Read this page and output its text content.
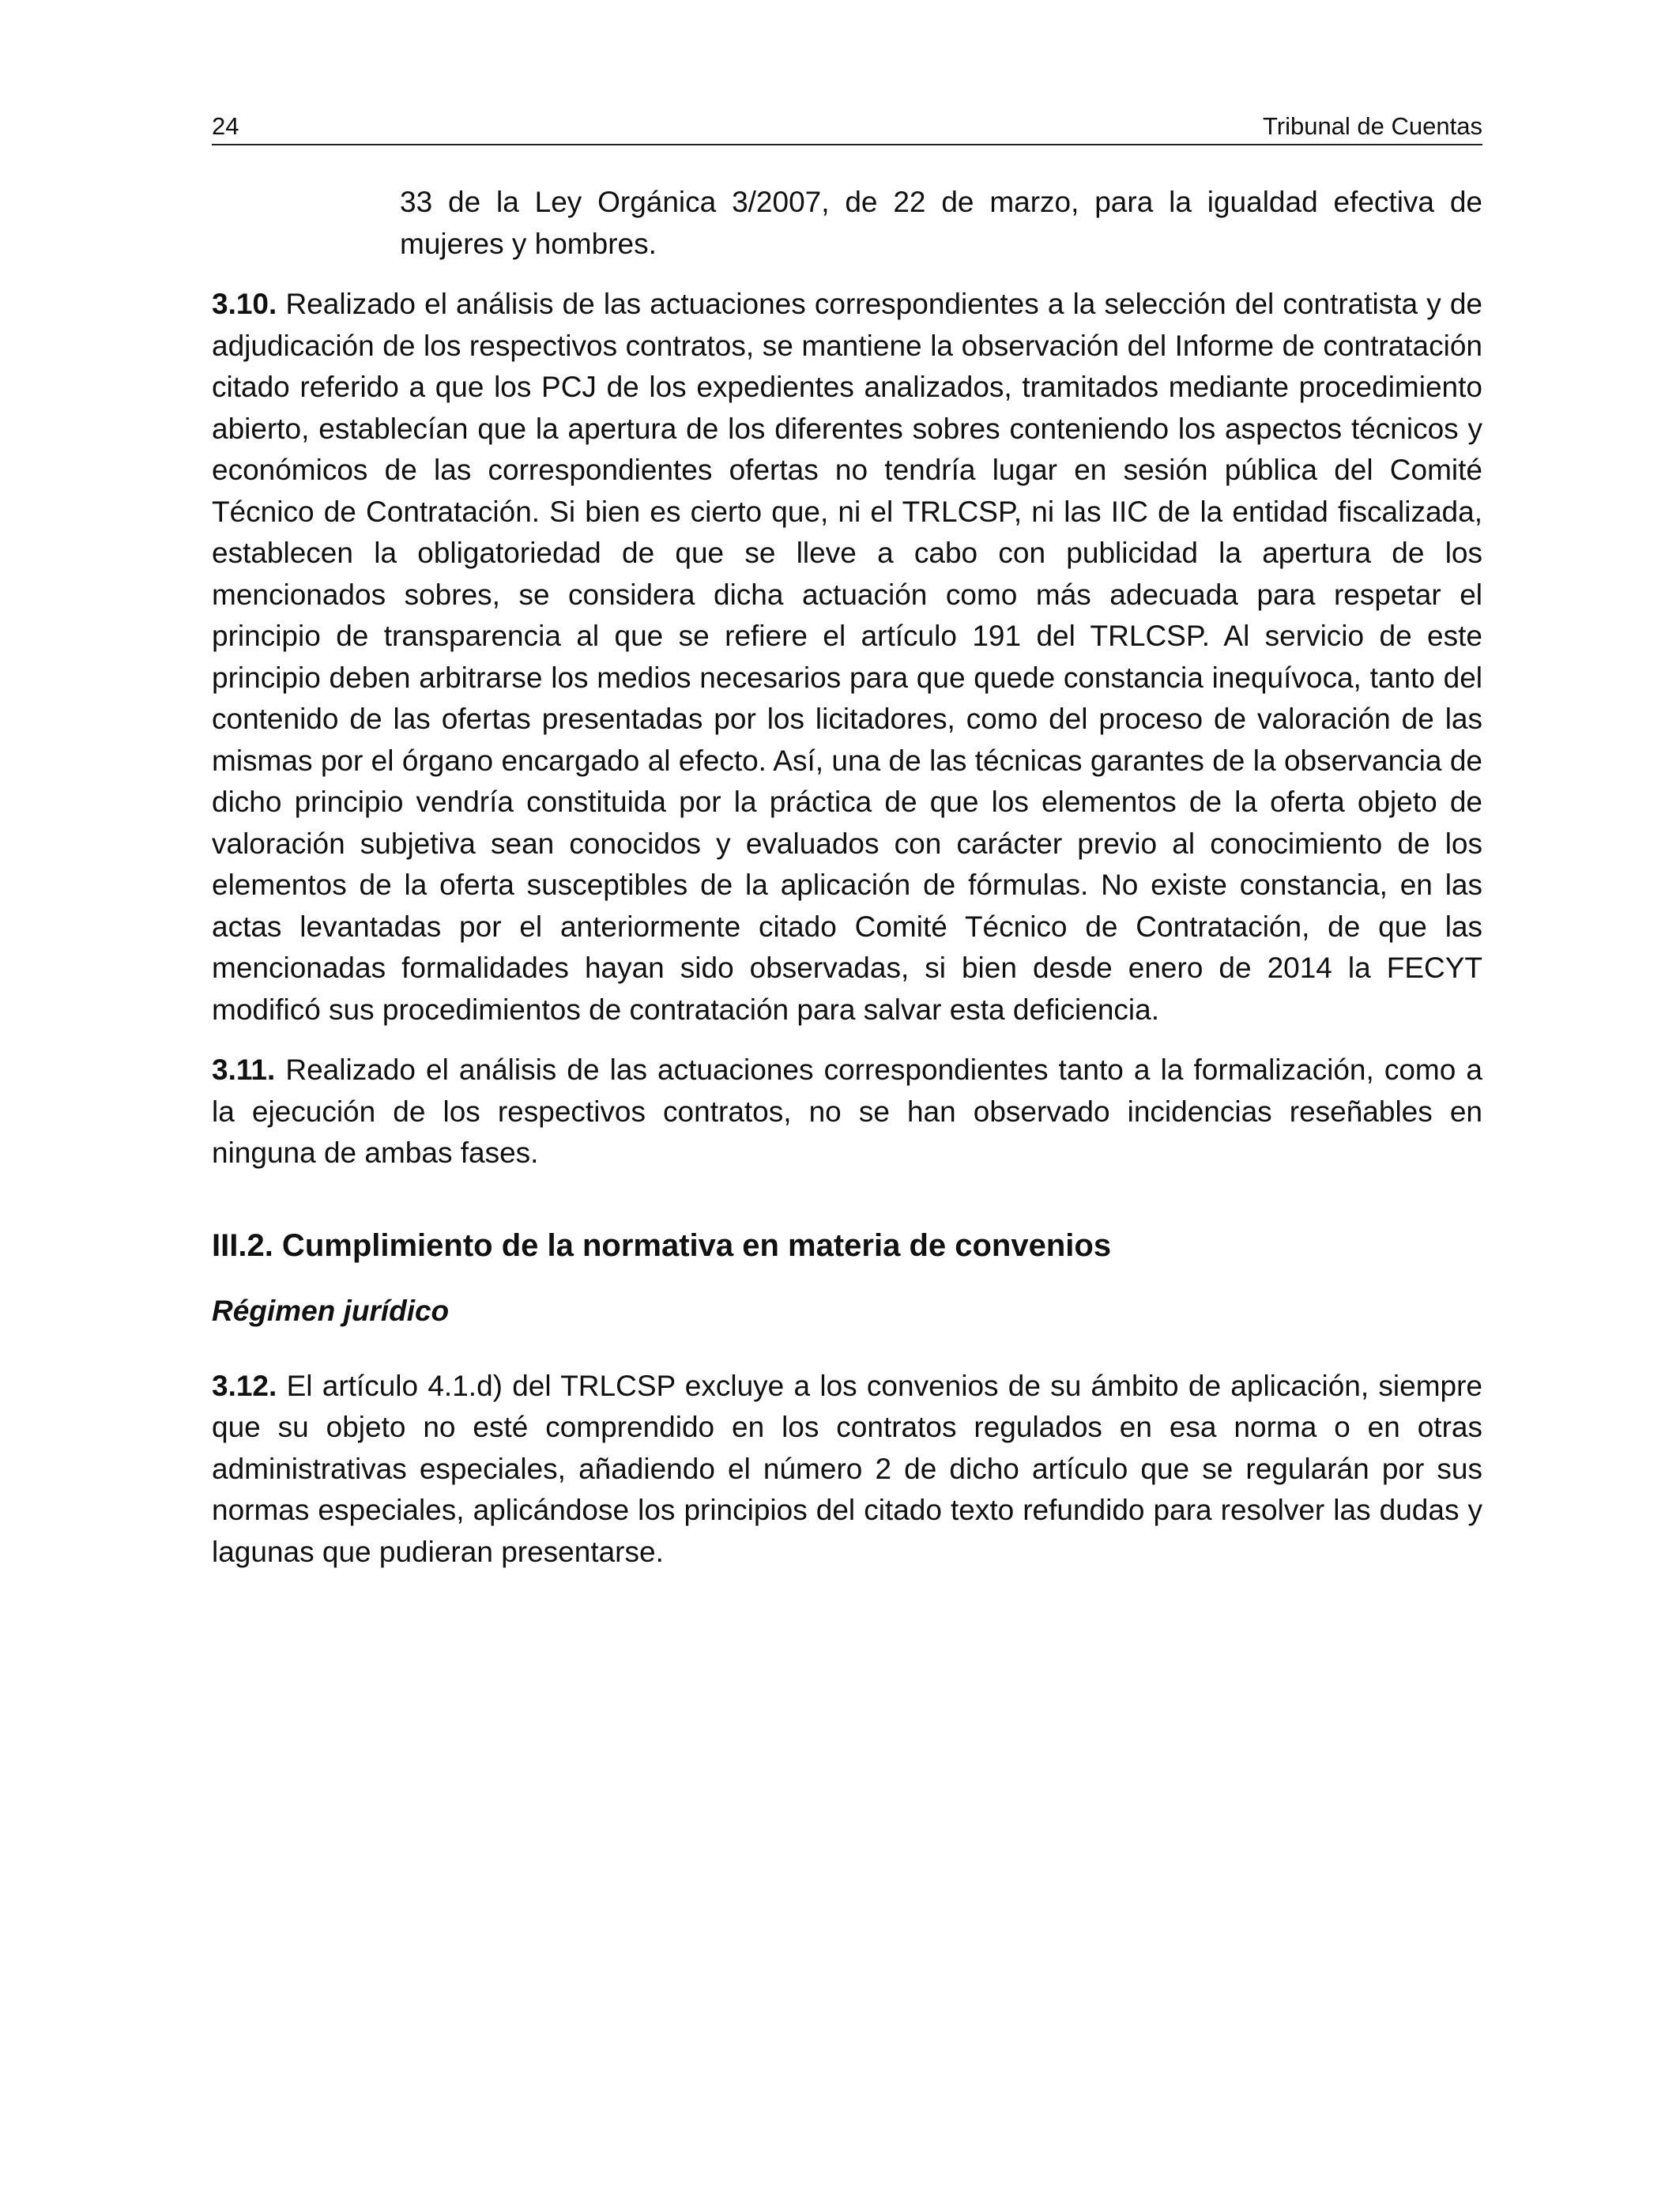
24	Tribunal de Cuentas

33 de la Ley Orgánica 3/2007, de 22 de marzo, para la igualdad efectiva de mujeres y hombres.

3.10. Realizado el análisis de las actuaciones correspondientes a la selección del contratista y de adjudicación de los respectivos contratos, se mantiene la observación del Informe de contratación citado referido a que los PCJ de los expedientes analizados, tramitados mediante procedimiento abierto, establecían que la apertura de los diferentes sobres conteniendo los aspectos técnicos y económicos de las correspondientes ofertas no tendría lugar en sesión pública del Comité Técnico de Contratación. Si bien es cierto que, ni el TRLCSP, ni las IIC de la entidad fiscalizada, establecen la obligatoriedad de que se lleve a cabo con publicidad la apertura de los mencionados sobres, se considera dicha actuación como más adecuada para respetar el principio de transparencia al que se refiere el artículo 191 del TRLCSP. Al servicio de este principio deben arbitrarse los medios necesarios para que quede constancia inequívoca, tanto del contenido de las ofertas presentadas por los licitadores, como del proceso de valoración de las mismas por el órgano encargado al efecto. Así, una de las técnicas garantes de la observancia de dicho principio vendría constituida por la práctica de que los elementos de la oferta objeto de valoración subjetiva sean conocidos y evaluados con carácter previo al conocimiento de los elementos de la oferta susceptibles de la aplicación de fórmulas. No existe constancia, en las actas levantadas por el anteriormente citado Comité Técnico de Contratación, de que las mencionadas formalidades hayan sido observadas, si bien desde enero de 2014 la FECYT modificó sus procedimientos de contratación para salvar esta deficiencia.

3.11. Realizado el análisis de las actuaciones correspondientes tanto a la formalización, como a la ejecución de los respectivos contratos, no se han observado incidencias reseñables en ninguna de ambas fases.

III.2. Cumplimiento de la normativa en materia de convenios
Régimen jurídico

3.12. El artículo 4.1.d) del TRLCSP excluye a los convenios de su ámbito de aplicación, siempre que su objeto no esté comprendido en los contratos regulados en esa norma o en otras administrativas especiales, añadiendo el número 2 de dicho artículo que se regularán por sus normas especiales, aplicándose los principios del citado texto refundido para resolver las dudas y lagunas que pudieran presentarse.
